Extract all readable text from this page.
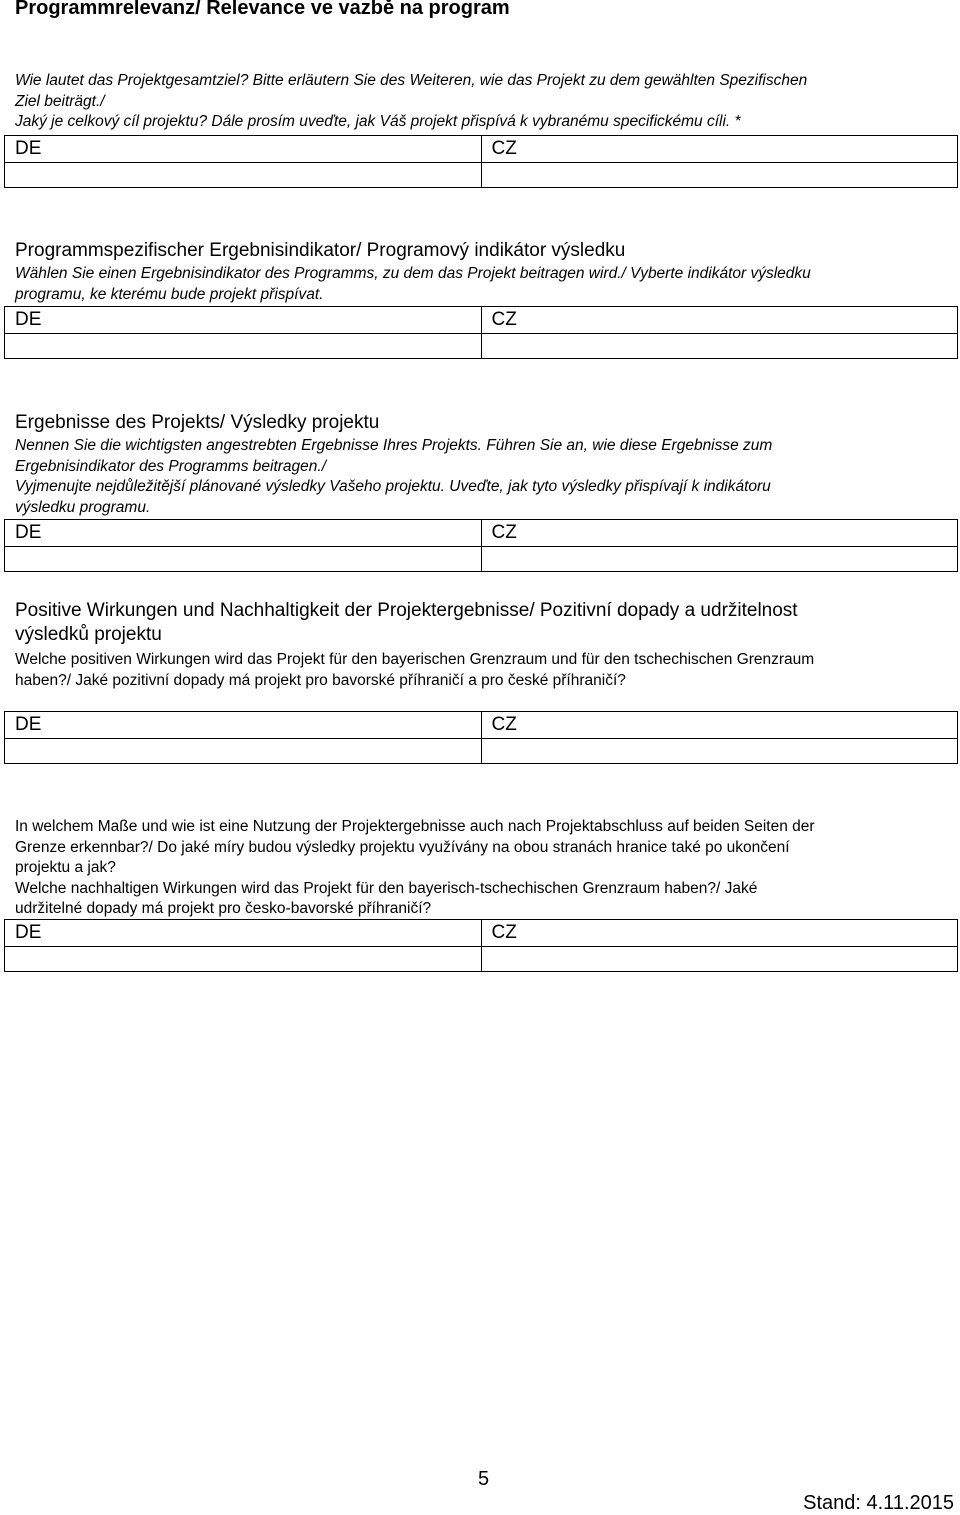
Programmrelevanz/ Relevance ve vazbě na program
Wie lautet das Projektgesamtziel? Bitte erläutern Sie des Weiteren, wie das Projekt zu dem gewählten Spezifischen
Ziel beiträgt./
Jaký je celkový cíl projektu? Dále prosím uveďte, jak Váš projekt přispívá k vybranému specifickému cíli. *
DE	CZ

Programmspezifischer Ergebnisindikator/ Programový indikátor výsledku
Wählen Sie einen Ergebnisindikator des Programms, zu dem das Projekt beitragen wird./ Vyberte indikátor výsledku
programu, ke kterému bude projekt přispívat.
DE	CZ

Ergebnisse des Projekts/ Výsledky projektu
Nennen Sie die wichtigsten angestrebten Ergebnisse Ihres Projekts. Führen Sie an, wie diese Ergebnisse zum
Ergebnisindikator des Programms beitragen./
Vyjmenujte nejdůležitější plánované výsledky Vašeho projektu. Uveďte, jak tyto výsledky přispívají k indikátoru
výsledku programu.
DE	CZ

Positive Wirkungen und Nachhaltigkeit der Projektergebnisse/ Pozitivní dopady a udržitelnost
výsledků projektu
Welche positiven Wirkungen wird das Projekt für den bayerischen Grenzraum und für den tschechischen Grenzraum
haben?/ Jaké pozitivní dopady má projekt pro bavorské příhraničí a pro české příhraničí?
DE	CZ

In welchem Maße und wie ist eine Nutzung der Projektergebnisse auch nach Projektabschluss auf beiden Seiten der
Grenze erkennbar?/ Do jaké míry budou výsledky projektu využívány na obou stranách hranice také po ukončení
projektu a jak?
Welche nachhaltigen Wirkungen wird das Projekt für den bayerisch-tschechischen Grenzraum haben?/ Jaké
udržitelné dopady má projekt pro česko-bavorské příhraničí?
DE	CZ

5
Stand: 4.11.2015
